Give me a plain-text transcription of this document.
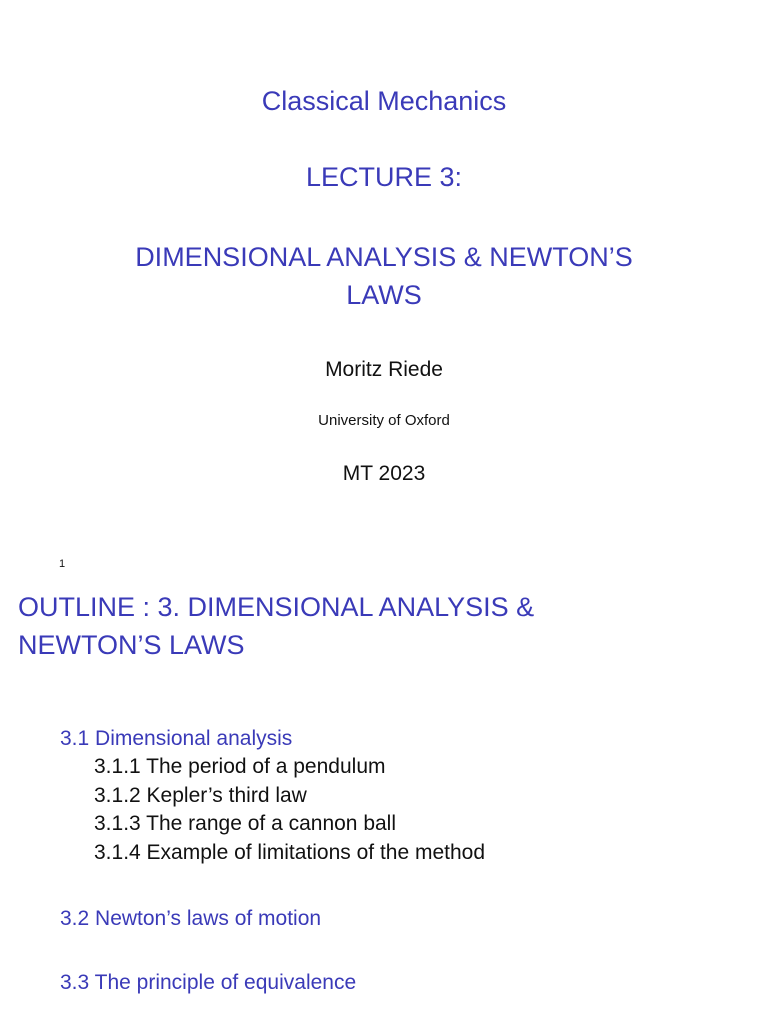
Classical Mechanics
LECTURE 3:
DIMENSIONAL ANALYSIS & NEWTON’S
LAWS
Moritz Riede
University of Oxford
MT 2023
1
OUTLINE : 3. DIMENSIONAL ANALYSIS &
NEWTON’S LAWS
3.1 Dimensional analysis
3.1.1 The period of a pendulum
3.1.2 Kepler’s third law
3.1.3 The range of a cannon ball
3.1.4 Example of limitations of the method
3.2 Newton’s laws of motion
3.3 The principle of equivalence
